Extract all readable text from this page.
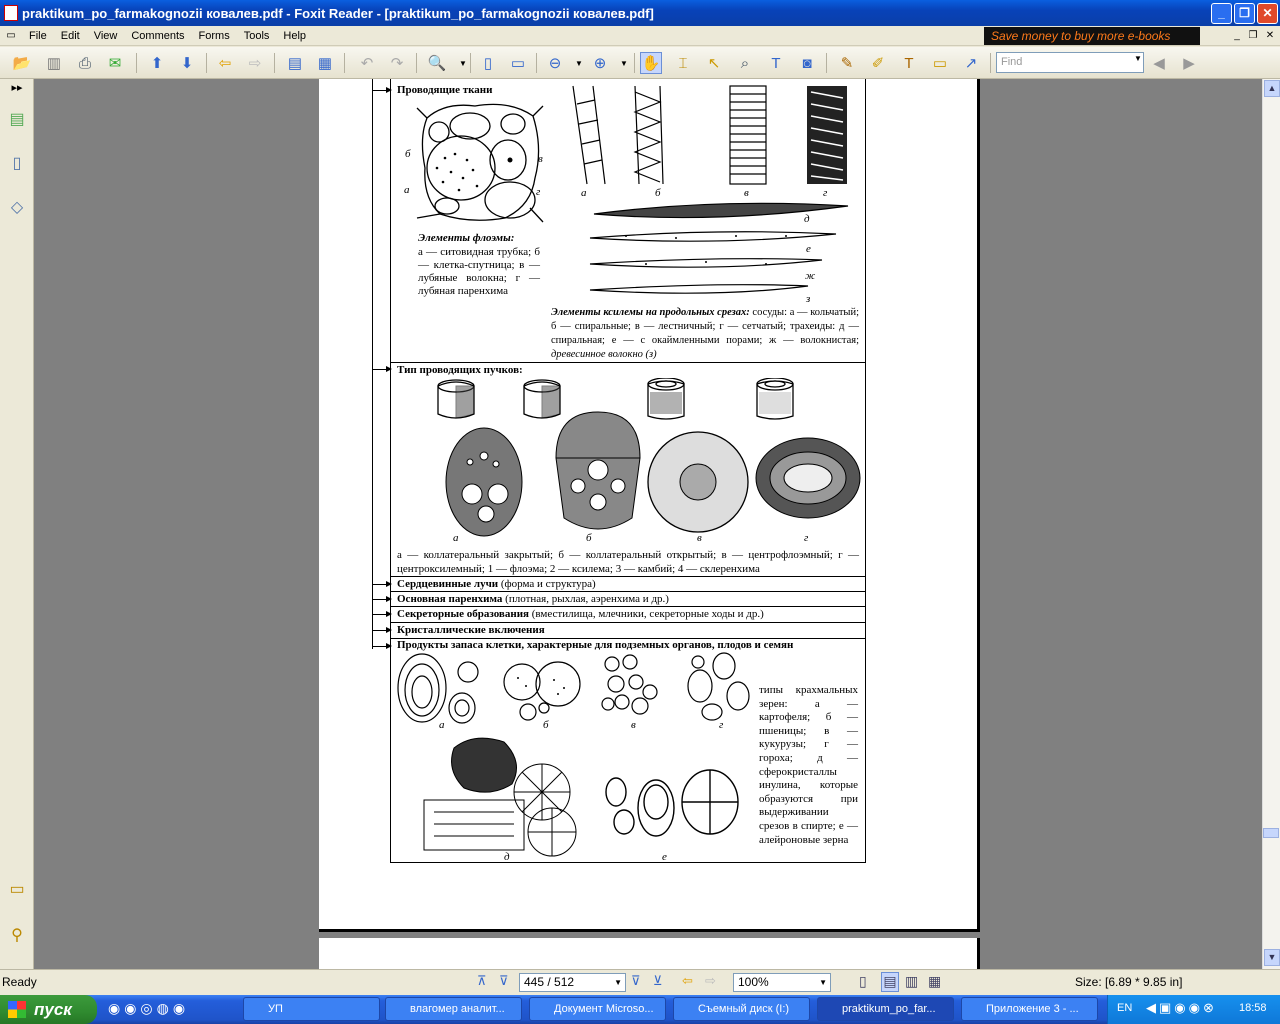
praktikum_po_farmakognozii ковалев.pdf - Foxit Reader - [praktikum_po_farmakognozii ковалев.pdf]	_	❐	✕
▭	File	Edit	View	Comments	Forms	Tools	Help	Save money to buy more e-books	_ ❐ ✕
📂 ▥	⎙	✉	⬆	⬇	⇦	⇨	▤ ▦	↶	↷	🔍	▼	▯	▭	⊖	▼ ⊕	▼ ✋	⌶	↖	⌕	T	◙	✎	✐	T	▭	↗	◀	▶
Find	▼
▸▸
▤
▯
◇
▭
⚲
Проводящие ткани
б
а
в
г
Элементы флоэмы:
а — ситовидная трубка; б — клетка-спутница; в — лубяные волокна; г — лубяная паренхима
а	б	в	г
д
е
ж
з
Элементы ксилемы на продольных срезах: сосуды: а — кольчатый; б — спиральные; в — лестничный; г — сетчатый; трахеиды: д — спиральная; е — с окаймленными порами; ж — волокнистая; древесинное волокно (з)
Тип проводящих пучков:
а	б	в	г
а — коллатеральный закрытый; б — коллатеральный открытый; в — центрофлоэмный; г — центроксилемный; 1 — флоэма; 2 — ксилема; 3 — камбий; 4 — склеренхима
Сердцевинные лучи (форма и структура)
Основная паренхима (плотная, рыхлая, аэренхима и др.)
Секреторные образования (вместилища, млечники, секреторные ходы и др.)
Кристаллические включения
Продукты запаса клетки, характерные для подземных органов, плодов и семян
а	б	в	г
д	е
типы крахмальных зерен: а — картофеля; б — пшеницы; в — кукурузы; г — гороха; д — сферокристаллы инулина, которые образуются при выдерживании срезов в спирте; е — алейроновые зерна
▲
▼
Ready	⊼ ⊽	445 / 512	▼ ⊽ ⊻ ⇦ ⇨	100%	▼ ▯ ▤ ▥ ▦	Size: [6.89 * 9.85 in]
пуск	◉◉◎◍◉	УП	влагомер аналит...	Документ Microso...	Съемный диск (I:)	praktikum_po_far...	Приложение 3 - ...	EN ◀▣◉◉⊗ 18:58
